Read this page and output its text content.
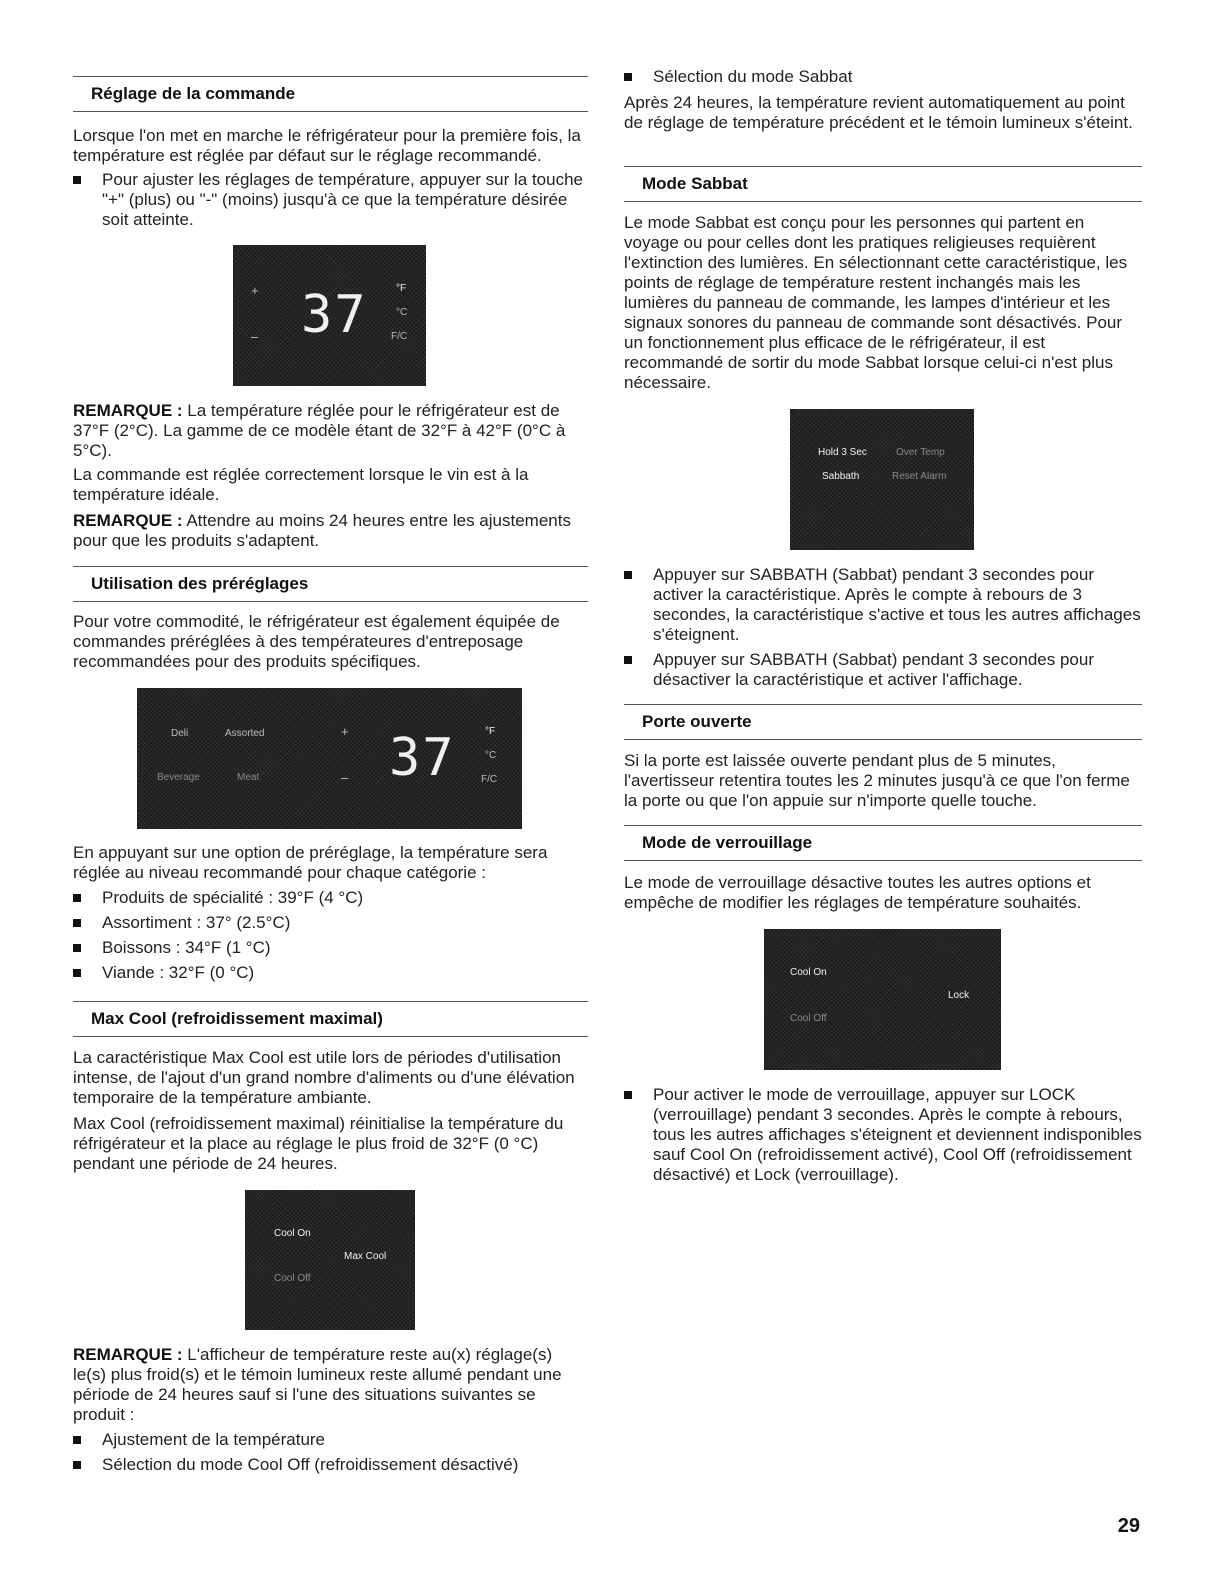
Réglage de la commande

Lorsque l'on met en marche le réfrigérateur pour la première fois, la température est réglée par défaut sur le réglage recommandé.

Pour ajuster les réglages de température, appuyer sur la touche "+" (plus) ou "-" (moins) jusqu'à ce que la température désirée soit atteinte.
+
– 37	°F
°C
F/C

REMARQUE : La température réglée pour le réfrigérateur est de 37°F (2°C). La gamme de ce modèle étant de 32°F à 42°F (0°C à 5°C).

La commande est réglée correctement lorsque le vin est à la température idéale.

REMARQUE : Attendre au moins 24 heures entre les ajustements pour que les produits s'adaptent.

Utilisation des préréglages

Pour votre commodité, le réfrigérateur est également équipée de commandes préréglées à des températeures d'entreposage recommandées pour des produits spécifiques.

Deli	Assorted
Beverage	Meat
+
– 37	°F
°C
F/C

En appuyant sur une option de préréglage, la température sera réglée au niveau recommandé pour chaque catégorie :

Produits de spécialité : 39°F (4 °C)
Assortiment : 37° (2.5°C)
Boissons : 34°F (1 °C)
Viande : 32°F (0 °C)
Max Cool (refroidissement maximal)

La caractéristique Max Cool est utile lors de périodes d'utilisation intense, de l'ajout d'un grand nombre d'aliments ou d'une élévation temporaire de la température ambiante.

Max Cool (refroidissement maximal) réinitialise la température du réfrigérateur et la place au réglage le plus froid de 32°F (0 °C) pendant une période de 24 heures.

Cool On
Max Cool
Cool Off

REMARQUE : L'afficheur de température reste au(x) réglage(s) le(s) plus froid(s) et le témoin lumineux reste allumé pendant une période de 24 heures sauf si l'une des situations suivantes se produit :

Ajustement de la température
Sélection du mode Cool Off (refroidissement désactivé)
Sélection du mode Sabbat

Après 24 heures, la température revient automatiquement au point de réglage de température précédent et le témoin lumineux s'éteint.

Mode Sabbat

Le mode Sabbat est conçu pour les personnes qui partent en voyage ou pour celles dont les pratiques religieuses requièrent l'extinction des lumières. En sélectionnant cette caractéristique, les points de réglage de température restent inchangés mais les lumières du panneau de commande, les lampes d'intérieur et les signaux sonores du panneau de commande sont désactivés. Pour un fonctionnement plus efficace de le réfrigérateur, il est recommandé de sortir du mode Sabbat lorsque celui-ci n'est plus nécessaire.

Hold 3 Sec	Over Temp
Sabbath	Reset Alarm
Appuyer sur SABBATH (Sabbat) pendant 3 secondes pour activer la caractéristique. Après le compte à rebours de 3 secondes, la caractéristique s'active et tous les autres affichages s'éteignent.
Appuyer sur SABBATH (Sabbat) pendant 3 secondes pour désactiver la caractéristique et activer l'affichage.
Porte ouverte

Si la porte est laissée ouverte pendant plus de 5 minutes, l'avertisseur retentira toutes les 2 minutes jusqu'à ce que l'on ferme la porte ou que l'on appuie sur n'importe quelle touche.

Mode de verrouillage

Le mode de verrouillage désactive toutes les autres options et empêche de modifier les réglages de température souhaités.

Cool On
Lock
Cool Off
Pour activer le mode de verrouillage, appuyer sur LOCK (verrouillage) pendant 3 secondes. Après le compte à rebours, tous les autres affichages s'éteignent et deviennent indisponibles sauf Cool On (refroidissement activé), Cool Off (refroidissement désactivé) et Lock (verrouillage).
29
